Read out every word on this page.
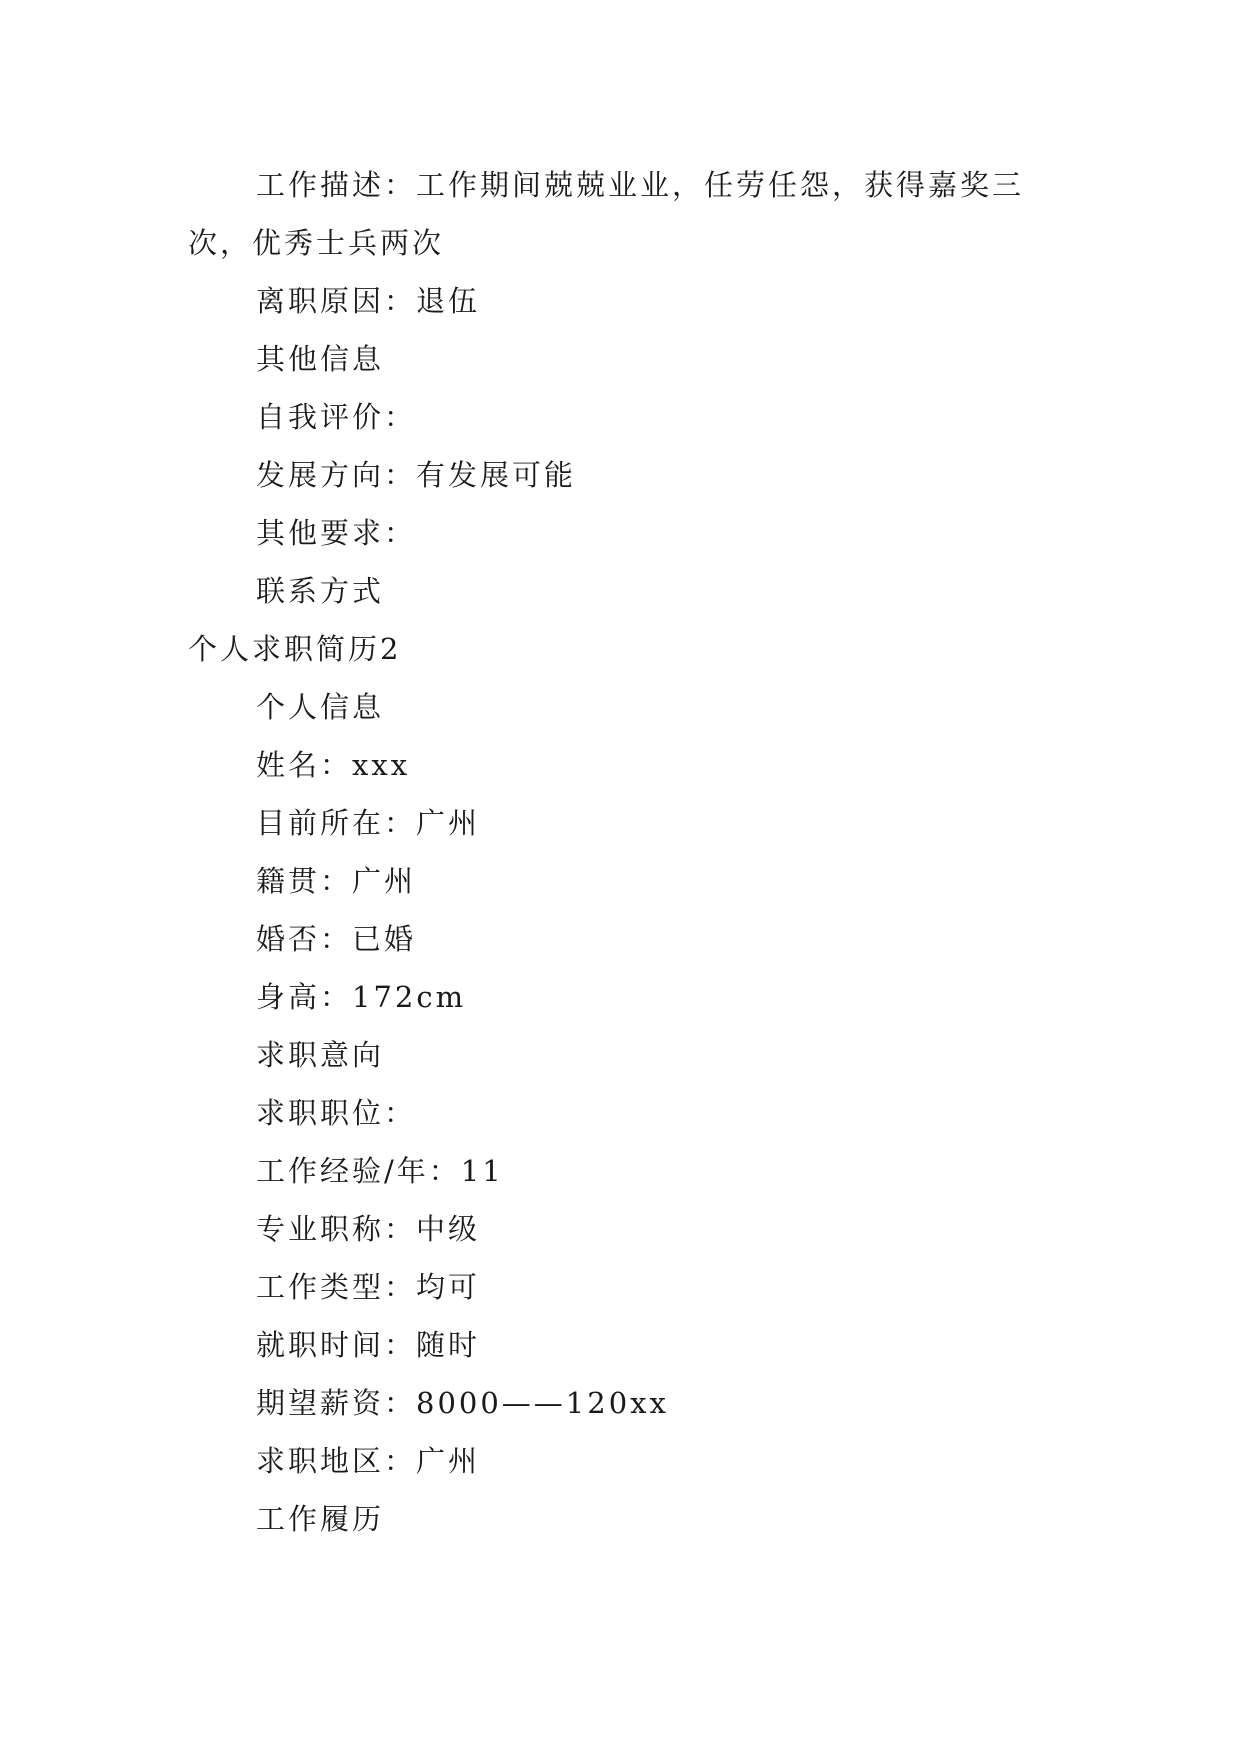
工作描述：工作期间兢兢业业，任劳任怨，获得嘉奖三
次，优秀士兵两次
离职原因：退伍
其他信息
自我评价：
发展方向：有发展可能
其他要求：
联系方式
个人求职简历2
个人信息
姓名：xxx
目前所在：广州
籍贯：广州
婚否：已婚
身高：172cm
求职意向
求职职位：
工作经验/年：11
专业职称：中级
工作类型：均可
就职时间：随时
期望薪资：8000——120xx
求职地区：广州
工作履历
